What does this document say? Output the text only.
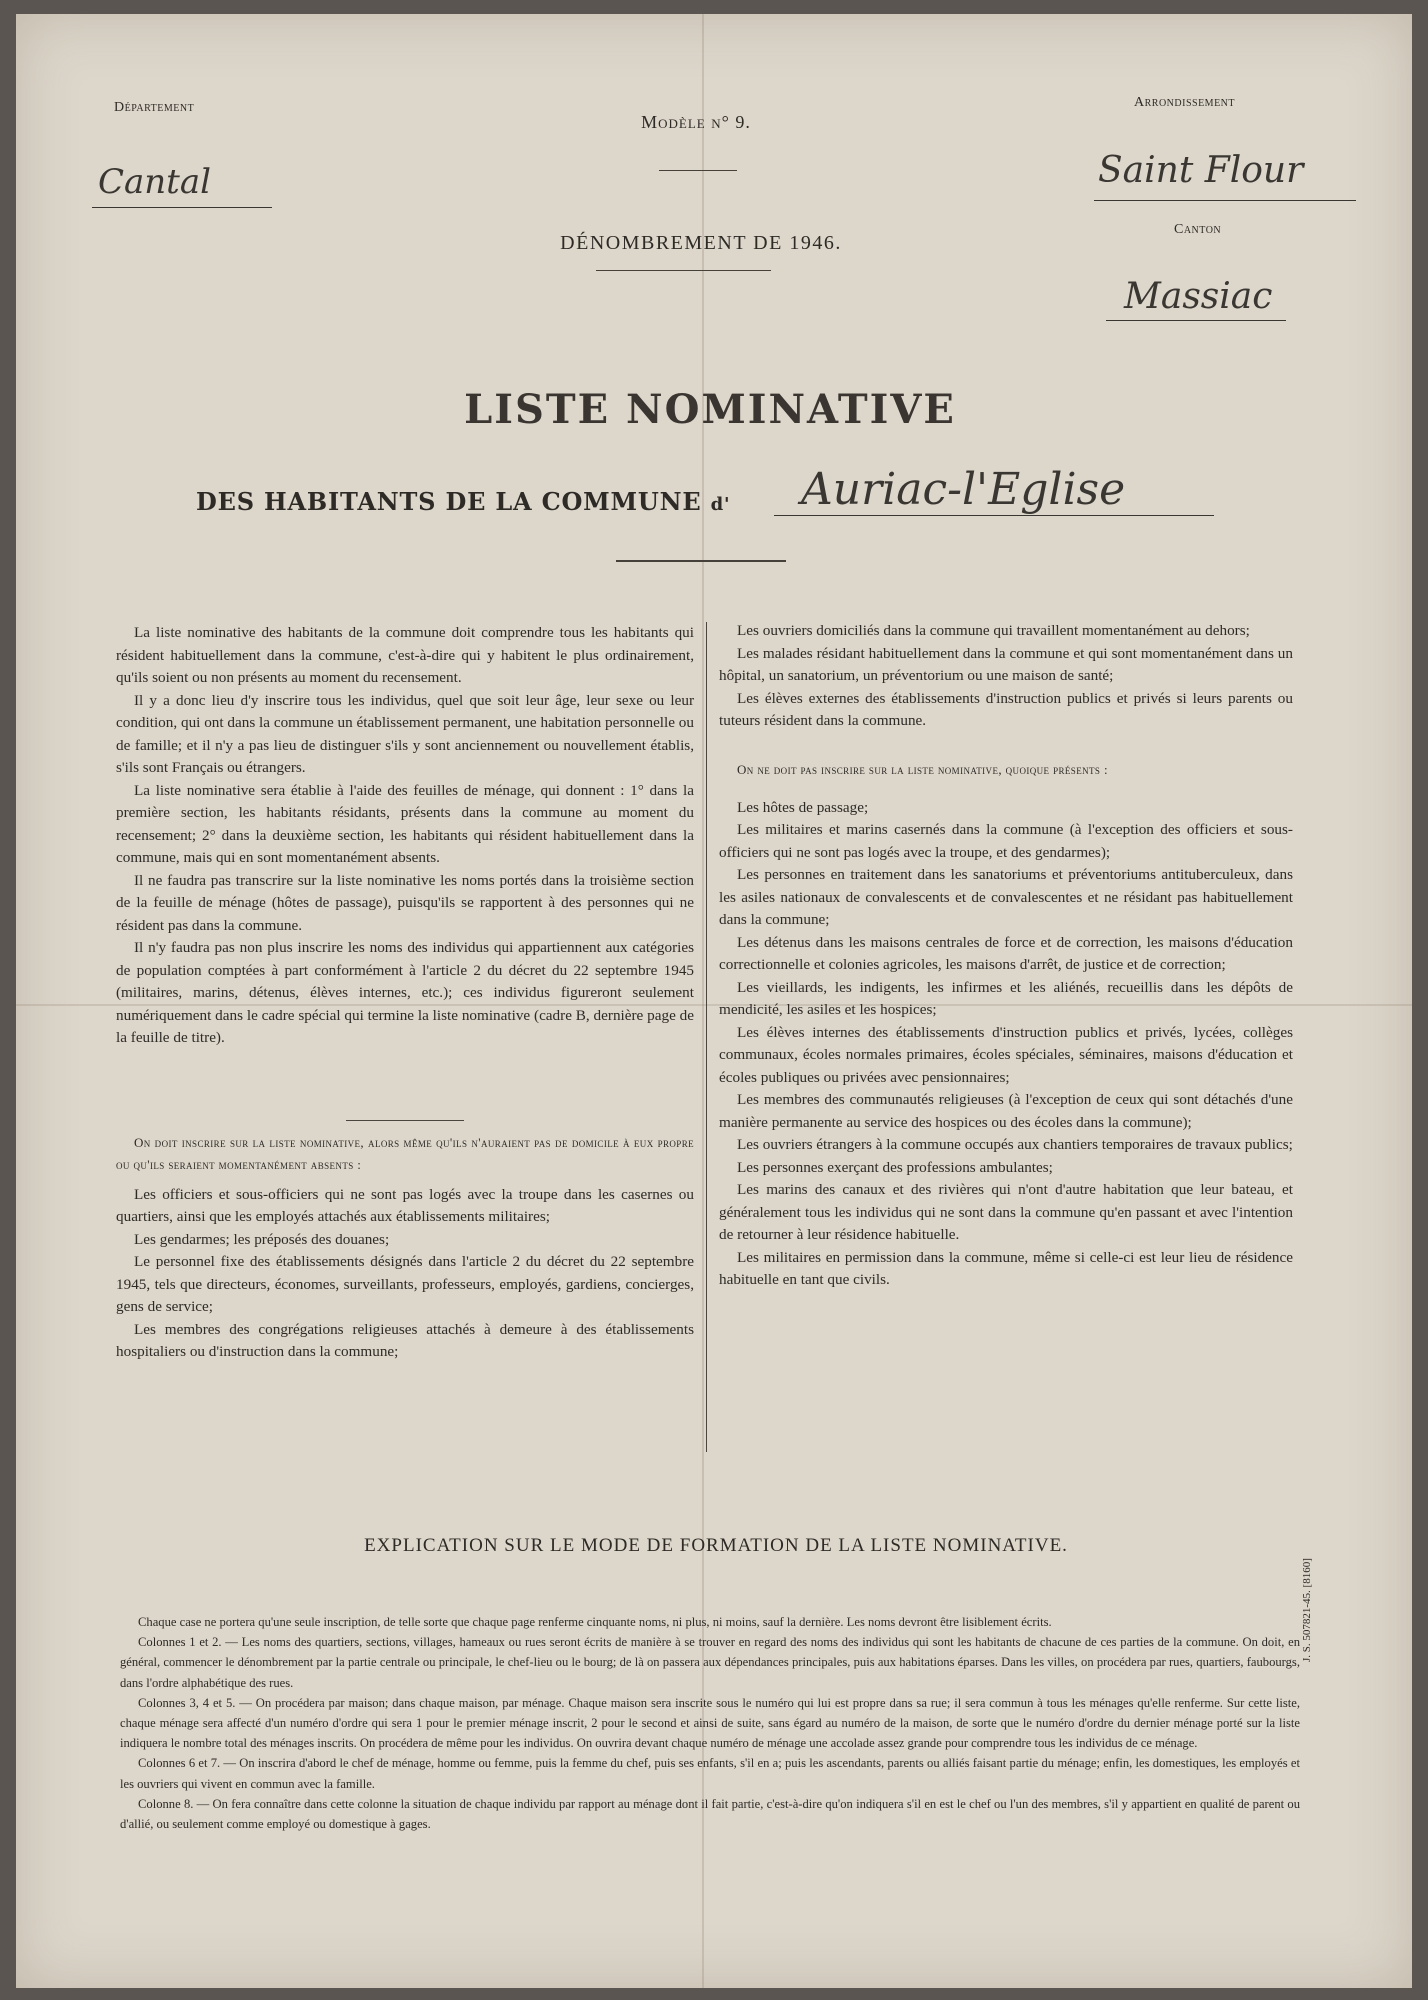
Département
Cantal
Modèle n° 9.
Arrondissement
Saint Flour
DÉNOMBREMENT DE 1946.
Canton
Massiac
LISTE NOMINATIVE
DES HABITANTS DE LA COMMUNE d' Auriac-l'Eglise

La liste nominative des habitants de la commune doit comprendre tous les habitants qui résident habituellement dans la commune, c'est-à-dire qui y habitent le plus ordinairement, qu'ils soient ou non présents au moment du recensement.

Il y a donc lieu d'y inscrire tous les individus, quel que soit leur âge, leur sexe ou leur condition, qui ont dans la commune un établissement permanent, une habitation personnelle ou de famille; et il n'y a pas lieu de distinguer s'ils y sont anciennement ou nouvellement établis, s'ils sont Français ou étrangers.

La liste nominative sera établie à l'aide des feuilles de ménage, qui donnent : 1° dans la première section, les habitants résidants, présents dans la commune au moment du recensement; 2° dans la deuxième section, les habitants qui résident habituellement dans la commune, mais qui en sont momentanément absents.

Il ne faudra pas transcrire sur la liste nominative les noms portés dans la troisième section de la feuille de ménage (hôtes de passage), puisqu'ils se rapportent à des personnes qui ne résident pas dans la commune.

Il n'y faudra pas non plus inscrire les noms des individus qui appartiennent aux catégories de population comptées à part conformément à l'article 2 du décret du 22 septembre 1945 (militaires, marins, détenus, élèves internes, etc.); ces individus figureront seulement numériquement dans le cadre spécial qui termine la liste nominative (cadre B, dernière page de la feuille de titre).

On doit inscrire sur la liste nominative, alors même qu'ils n'auraient pas de domicile à eux propre ou qu'ils seraient momentanément absents :

Les officiers et sous-officiers qui ne sont pas logés avec la troupe dans les casernes ou quartiers, ainsi que les employés attachés aux établissements militaires;

Les gendarmes; les préposés des douanes;

Le personnel fixe des établissements désignés dans l'article 2 du décret du 22 septembre 1945, tels que directeurs, économes, surveillants, professeurs, employés, gardiens, concierges, gens de service;

Les membres des congrégations religieuses attachés à demeure à des établissements hospitaliers ou d'instruction dans la commune;

Les ouvriers domiciliés dans la commune qui travaillent momentanément au dehors;

Les malades résidant habituellement dans la commune et qui sont momentanément dans un hôpital, un sanatorium, un préventorium ou une maison de santé;

Les élèves externes des établissements d'instruction publics et privés si leurs parents ou tuteurs résident dans la commune.

On ne doit pas inscrire sur la liste nominative, quoique présents :

Les hôtes de passage;

Les militaires et marins casernés dans la commune (à l'exception des officiers et sous-officiers qui ne sont pas logés avec la troupe, et des gendarmes);

Les personnes en traitement dans les sanatoriums et préventoriums antituberculeux, dans les asiles nationaux de convalescents et de convalescentes et ne résidant pas habituellement dans la commune;

Les détenus dans les maisons centrales de force et de correction, les maisons d'éducation correctionnelle et colonies agricoles, les maisons d'arrêt, de justice et de correction;

Les vieillards, les indigents, les infirmes et les aliénés, recueillis dans les dépôts de mendicité, les asiles et les hospices;

Les élèves internes des établissements d'instruction publics et privés, lycées, collèges communaux, écoles normales primaires, écoles spéciales, séminaires, maisons d'éducation et écoles publiques ou privées avec pensionnaires;

Les membres des communautés religieuses (à l'exception de ceux qui sont détachés d'une manière permanente au service des hospices ou des écoles dans la commune);

Les ouvriers étrangers à la commune occupés aux chantiers temporaires de travaux publics;

Les personnes exerçant des professions ambulantes;

Les marins des canaux et des rivières qui n'ont d'autre habitation que leur bateau, et généralement tous les individus qui ne sont dans la commune qu'en passant et avec l'intention de retourner à leur résidence habituelle.

Les militaires en permission dans la commune, même si celle-ci est leur lieu de résidence habituelle en tant que civils.

EXPLICATION SUR LE MODE DE FORMATION DE LA LISTE NOMINATIVE.

Chaque case ne portera qu'une seule inscription, de telle sorte que chaque page renferme cinquante noms, ni plus, ni moins, sauf la dernière. Les noms devront être lisiblement écrits.

Colonnes 1 et 2. — Les noms des quartiers, sections, villages, hameaux ou rues seront écrits de manière à se trouver en regard des noms des individus qui sont les habitants de chacune de ces parties de la commune. On doit, en général, commencer le dénombrement par la partie centrale ou principale, le chef-lieu ou le bourg; de là on passera aux dépendances principales, puis aux habitations éparses. Dans les villes, on procédera par rues, quartiers, faubourgs, dans l'ordre alphabétique des rues.

Colonnes 3, 4 et 5. — On procédera par maison; dans chaque maison, par ménage. Chaque maison sera inscrite sous le numéro qui lui est propre dans sa rue; il sera commun à tous les ménages qu'elle renferme. Sur cette liste, chaque ménage sera affecté d'un numéro d'ordre qui sera 1 pour le premier ménage inscrit, 2 pour le second et ainsi de suite, sans égard au numéro de la maison, de sorte que le numéro d'ordre du dernier ménage porté sur la liste indiquera le nombre total des ménages inscrits. On procédera de même pour les individus. On ouvrira devant chaque numéro de ménage une accolade assez grande pour comprendre tous les individus de ce ménage.

Colonnes 6 et 7. — On inscrira d'abord le chef de ménage, homme ou femme, puis la femme du chef, puis ses enfants, s'il en a; puis les ascendants, parents ou alliés faisant partie du ménage; enfin, les domestiques, les employés et les ouvriers qui vivent en commun avec la famille.

Colonne 8. — On fera connaître dans cette colonne la situation de chaque individu par rapport au ménage dont il fait partie, c'est-à-dire qu'on indiquera s'il en est le chef ou l'un des membres, s'il y appartient en qualité de parent ou d'allié, ou seulement comme employé ou domestique à gages.

J. S. 507821-45. [8160]
